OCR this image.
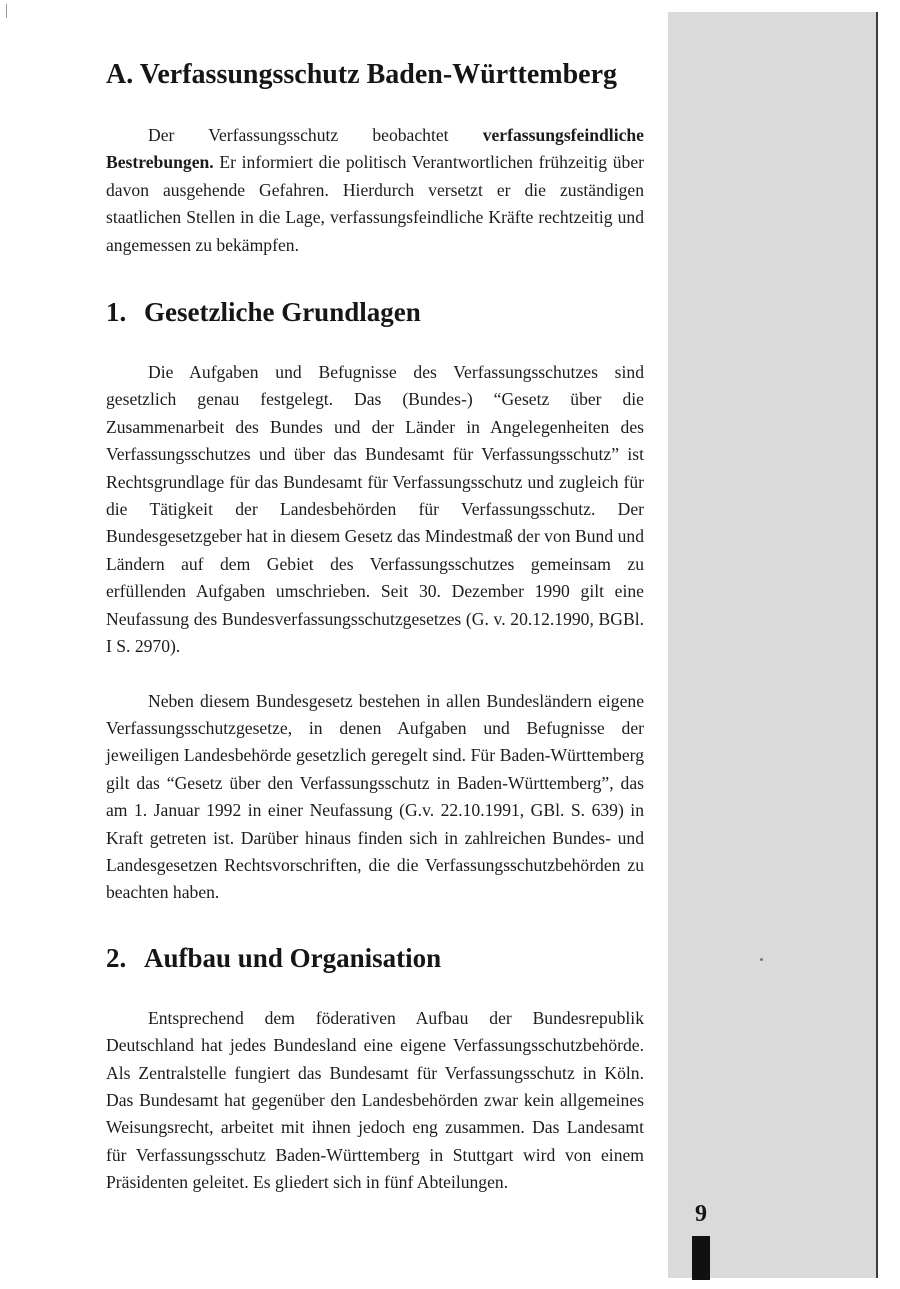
A. Verfassungsschutz Baden-Württemberg

Der Verfassungsschutz beobachtet verfassungsfeindliche Bestrebungen. Er informiert die politisch Verantwortlichen frühzeitig über davon ausgehende Gefahren. Hierdurch versetzt er die zuständigen staatlichen Stellen in die Lage, verfassungsfeindliche Kräfte rechtzeitig und angemessen zu bekämpfen.

1. Gesetzliche Grundlagen

Die Aufgaben und Befugnisse des Verfassungsschutzes sind gesetzlich genau festgelegt. Das (Bundes-) “Gesetz über die Zusammenarbeit des Bundes und der Länder in Angelegenheiten des Verfassungsschutzes und über das Bundesamt für Verfassungsschutz” ist Rechtsgrundlage für das Bundesamt für Verfassungsschutz und zugleich für die Tätigkeit der Landesbehörden für Verfassungsschutz. Der Bundesgesetzgeber hat in diesem Gesetz das Mindestmaß der von Bund und Ländern auf dem Gebiet des Verfassungsschutzes gemeinsam zu erfüllenden Aufgaben umschrieben. Seit 30. Dezember 1990 gilt eine Neufassung des Bundesverfassungsschutzgesetzes (G. v. 20.12.1990, BGBl. I S. 2970).

Neben diesem Bundesgesetz bestehen in allen Bundesländern eigene Verfassungsschutzgesetze, in denen Aufgaben und Befugnisse der jeweiligen Landesbehörde gesetzlich geregelt sind. Für Baden-Württemberg gilt das “Gesetz über den Verfassungsschutz in Baden-Württemberg”, das am 1. Januar 1992 in einer Neufassung (G.v. 22.10.1991, GBl. S. 639) in Kraft getreten ist. Darüber hinaus finden sich in zahlreichen Bundes- und Landesgesetzen Rechtsvorschriften, die die Verfassungsschutzbehörden zu beachten haben.

2. Aufbau und Organisation

Entsprechend dem föderativen Aufbau der Bundesrepublik Deutschland hat jedes Bundesland eine eigene Verfassungsschutzbehörde. Als Zentralstelle fungiert das Bundesamt für Verfassungsschutz in Köln. Das Bundesamt hat gegenüber den Landesbehörden zwar kein allgemeines Weisungsrecht, arbeitet mit ihnen jedoch eng zusammen. Das Landesamt für Verfassungsschutz Baden-Württemberg in Stuttgart wird von einem Präsidenten geleitet. Es gliedert sich in fünf Abteilungen.

9
